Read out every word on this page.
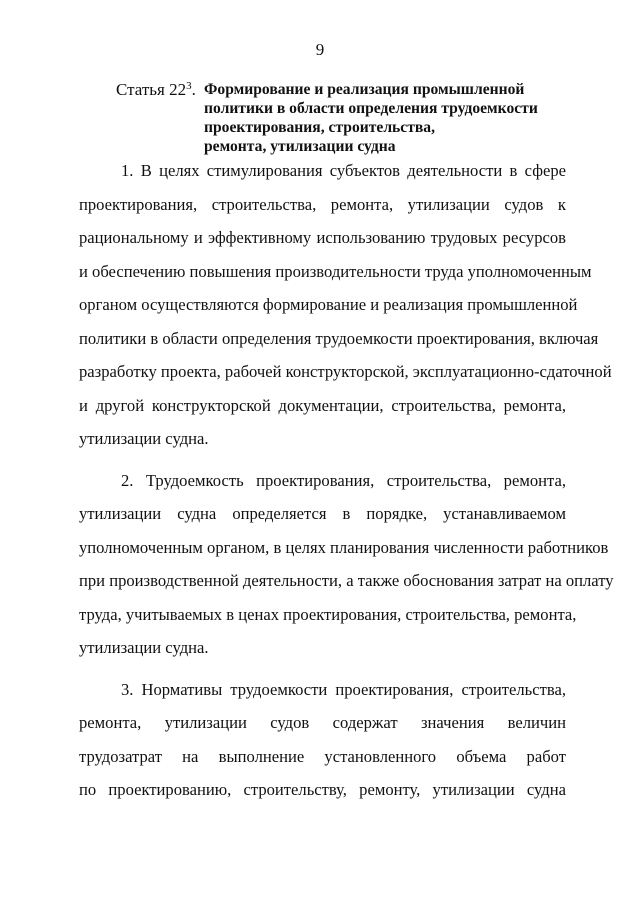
9
Статья $22^3$. Формирование и реализация промышленной
политики в области определения трудоемкости
проектирования, строительства,
ремонта, утилизации судна
1. В целях стимулирования субъектов деятельности в сфере
проектирования, строительства, ремонта, утилизации судов к
рациональному и эффективному использованию трудовых ресурсов
и обеспечению повышения производительности труда уполномоченным
органом осуществляются формирование и реализация промышленной
политики в области определения трудоемкости проектирования, включая
разработку проекта, рабочей конструкторской, эксплуатационно-сдаточной
и другой конструкторской документации, строительства, ремонта,
утилизации судна.
2. Трудоемкость проектирования, строительства, ремонта,
утилизации судна определяется в порядке, устанавливаемом
уполномоченным органом, в целях планирования численности работников
при производственной деятельности, а также обоснования затрат на оплату
труда, учитываемых в ценах проектирования, строительства, ремонта,
утилизации судна.
3. Нормативы трудоемкости проектирования, строительства,
ремонта, утилизации судов содержат значения величин
трудозатрат на выполнение установленного объема работ
по проектированию, строительству, ремонту, утилизации судна
